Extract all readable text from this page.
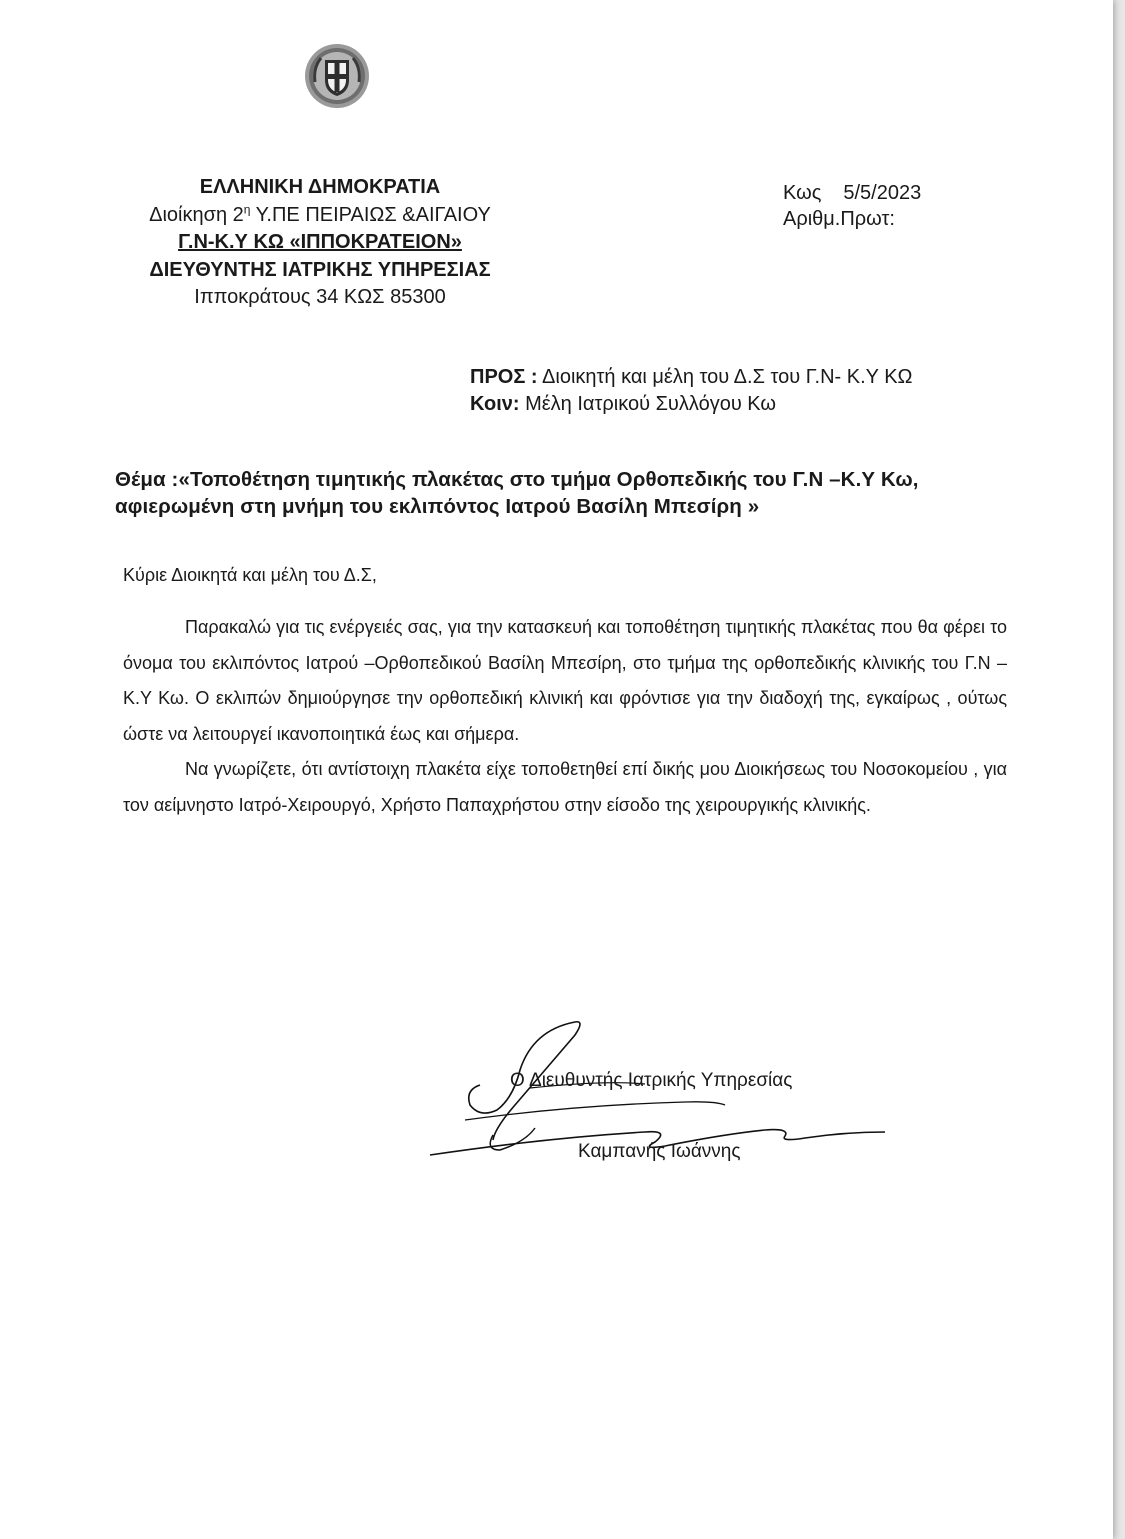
ΕΛΛΗΝΙΚΗ ΔΗΜΟΚΡΑΤΙΑ
Διοίκηση $2^\eta$ Υ.ΠΕ ΠΕΙΡΑΙΩΣ &ΑΙΓΑΙΟΥ
Γ.Ν-Κ.Υ ΚΩ «ΙΠΠΟΚΡΑΤΕΙΟΝ»
ΔΙΕΥΘΥΝΤΗΣ ΙΑΤΡΙΚΗΣ ΥΠΗΡΕΣΙΑΣ
Ιπποκράτους 34 ΚΩΣ 85300
Κως 5/5/2023
Αριθμ.Πρωτ:
ΠΡΟΣ : Διοικητή και μέλη του Δ.Σ του Γ.Ν- Κ.Υ ΚΩ
Κοιν: Μέλη Ιατρικού Συλλόγου Κω
Θέμα :«Τοποθέτηση τιμητικής πλακέτας στο τμήμα Ορθοπεδικής του Γ.Ν –Κ.Υ Κω,
αφιερωμένη στη μνήμη του εκλιπόντος Ιατρού Βασίλη Μπεσίρη »
Κύριε Διοικητά και μέλη του Δ.Σ,

Παρακαλώ για τις ενέργειές σας, για την κατασκευή και τοποθέτηση τιμητικής πλακέτας που θα φέρει το όνομα του εκλιπόντος Ιατρού –Ορθοπεδικού Βασίλη Μπεσίρη, στο τμήμα της ορθοπεδικής κλινικής του Γ.Ν –Κ.Υ Κω. Ο εκλιπών δημιούργησε την ορθοπεδική κλινική και φρόντισε για την διαδοχή της, εγκαίρως , ούτως ώστε να λειτουργεί ικανοποιητικά έως και σήμερα.

Να γνωρίζετε, ότι αντίστοιχη πλακέτα είχε τοποθετηθεί επί δικής μου Διοικήσεως του Νοσοκομείου , για τον αείμνηστο Ιατρό-Χειρουργό, Χρήστο Παπαχρήστου στην είσοδο της χειρουργικής κλινικής.

Ο Διευθυντής Ιατρικής Υπηρεσίας
Καμπανής Ιωάννης
